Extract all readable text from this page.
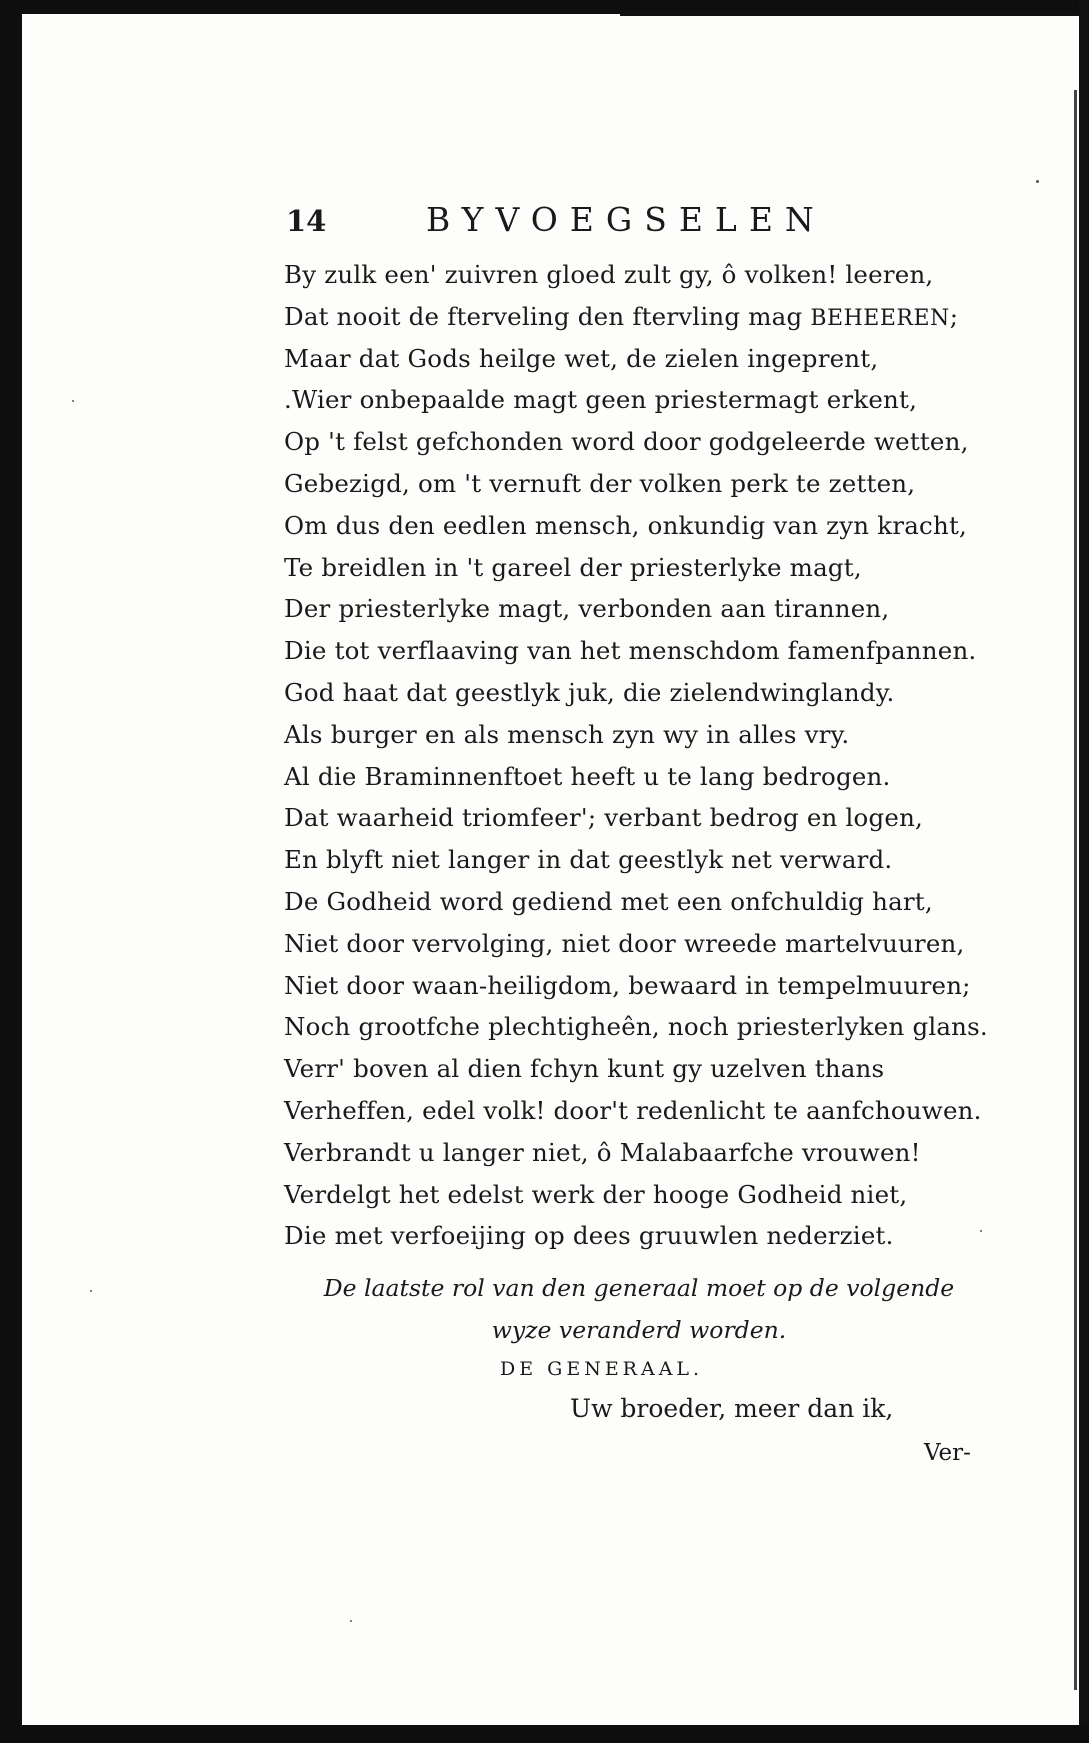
14	BYVOEGSELEN
By zulk een' zuivren gloed zult gy, ô volken! leeren,
Dat nooit de fterveling den ftervling mag BEHEEREN;
Maar dat Gods heilge wet, de zielen ingeprent,
.Wier onbepaalde magt geen priestermagt erkent,
Op 't felst gefchonden word door godgeleerde wetten,
Gebezigd, om 't vernuft der volken perk te zetten,
Om dus den eedlen mensch, onkundig van zyn kracht,
Te breidlen in 't gareel der priesterlyke magt,
Der priesterlyke magt, verbonden aan tirannen,
Die tot verflaaving van het menschdom famenfpannen.
God haat dat geestlyk juk, die zielendwinglandy.
Als burger en als mensch zyn wy in alles vry.
Al die Braminnenftoet heeft u te lang bedrogen.
Dat waarheid triomfeer'; verbant bedrog en logen,
En blyft niet langer in dat geestlyk net verward.
De Godheid word gediend met een onfchuldig hart,
Niet door vervolging, niet door wreede martelvuuren,
Niet door waan-heiligdom, bewaard in tempelmuuren;
Noch grootfche plechtigheên, noch priesterlyken glans.
Verr' boven al dien fchyn kunt gy uzelven thans
Verheffen, edel volk! door't redenlicht te aanfchouwen.
Verbrandt u langer niet, ô Malabaarfche vrouwen!
Verdelgt het edelst werk der hooge Godheid niet,
Die met verfoeijing op dees gruuwlen nederziet.
De laatste rol van den generaal moet op de volgende
wyze veranderd worden.
DE GENERAAL.
Uw broeder, meer dan ik,
Ver-
